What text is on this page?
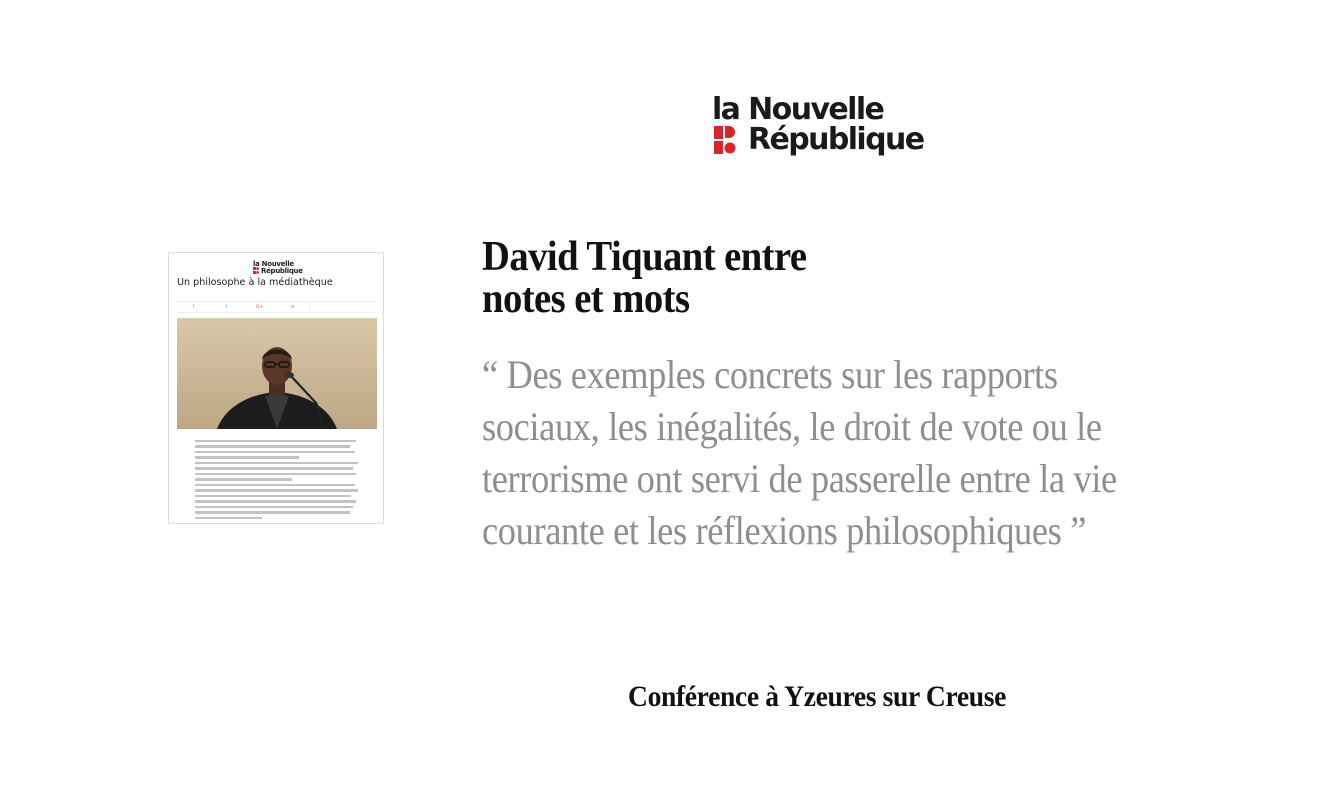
la Nouvelle
République
la Nouvelle
République
Un philosophe à la médiathèque
f	t	G+	✉
David Tiquant entre
notes et mots
“ Des exemples concrets sur les rapports
sociaux, les inégalités, le droit de vote ou le
terrorisme ont servi de passerelle entre la vie
courante et les réflexions philosophiques ”
Conférence à Yzeures sur Creuse
